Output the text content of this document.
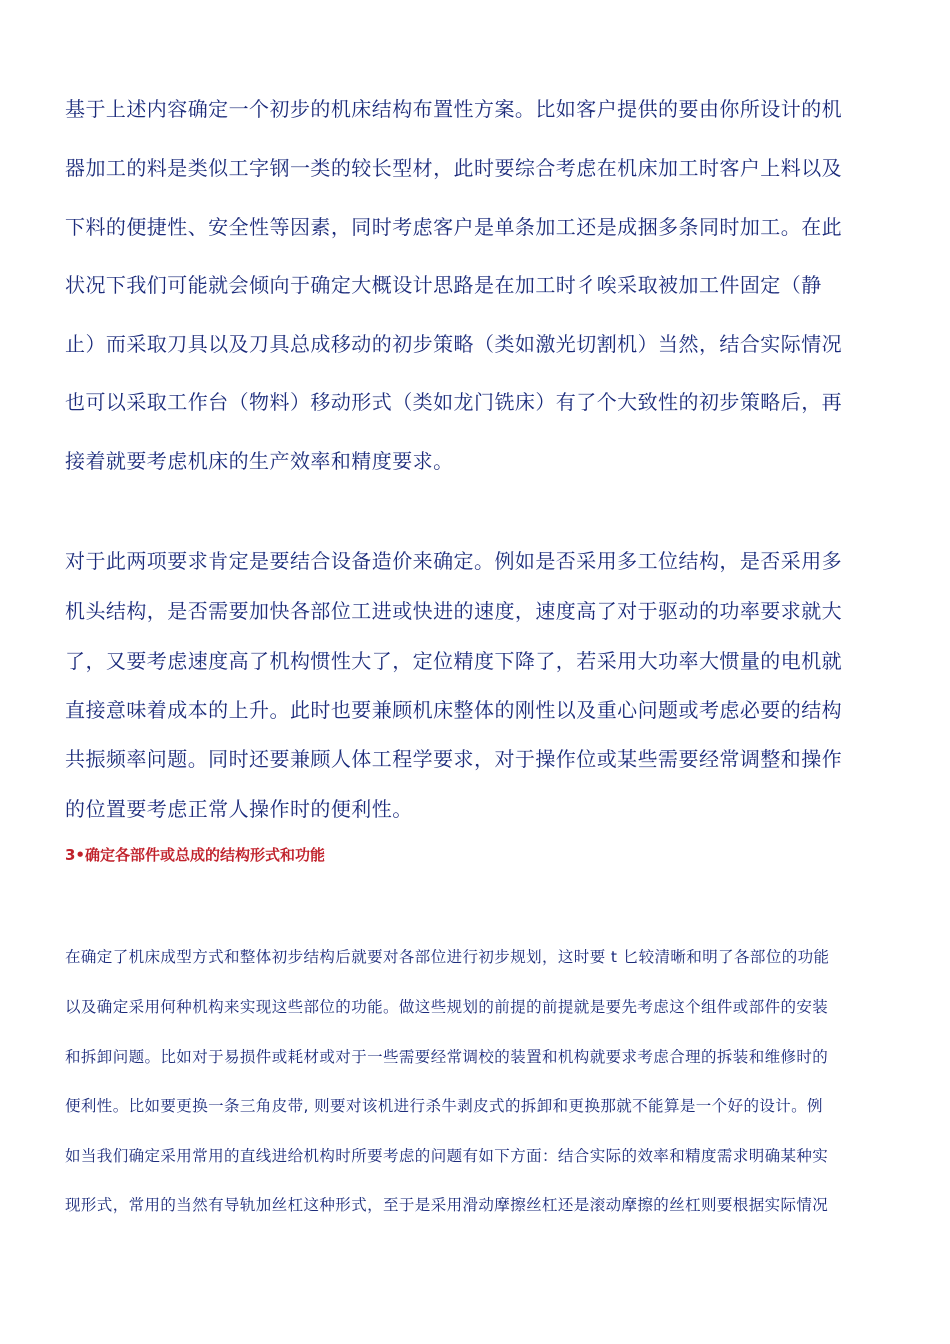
基于上述内容确定一个初步的机床结构布置性方案。比如客户提供的要由你所设计的机
器加工的料是类似工字钢一类的较长型材，此时要综合考虑在机床加工时客户上料以及
下料的便捷性、安全性等因素，同时考虑客户是单条加工还是成捆多条同时加工。在此
状况下我们可能就会倾向于确定大概设计思路是在加工时彳唉采取被加工件固定（静
止）而采取刀具以及刀具总成移动的初步策略（类如激光切割机）当然，结合实际情况
也可以采取工作台（物料）移动形式（类如龙门铣床）有了个大致性的初步策略后，再
接着就要考虑机床的生产效率和精度要求。
对于此两项要求肯定是要结合设备造价来确定。例如是否采用多工位结构，是否采用多
机头结构，是否需要加快各部位工进或快进的速度，速度高了对于驱动的功率要求就大
了，又要考虑速度高了机构惯性大了，定位精度下降了，若采用大功率大惯量的电机就
直接意味着成本的上升。此时也要兼顾机床整体的刚性以及重心问题或考虑必要的结构
共振频率问题。同时还要兼顾人体工程学要求，对于操作位或某些需要经常调整和操作
的位置要考虑正常人操作时的便利性。
3•确定各部件或总成的结构形式和功能
在确定了机床成型方式和整体初步结构后就要对各部位进行初步规划，这时要 t 匕较清晰和明了各部位的功能
以及确定采用何种机构来实现这些部位的功能。做这些规划的前提的前提就是要先考虑这个组件或部件的安装
和拆卸问题。比如对于易损件或耗材或对于一些需要经常调校的装置和机构就要求考虑合理的拆装和维修时的
便利性。比如要更换一条三角皮带, 则要对该机进行杀牛剥皮式的拆卸和更换那就不能算是一个好的设计。例
如当我们确定采用常用的直线进给机构时所要考虑的问题有如下方面：结合实际的效率和精度需求明确某种实
现形式，常用的当然有导轨加丝杠这种形式，至于是采用滑动摩擦丝杠还是滚动摩擦的丝杠则要根据实际情况
